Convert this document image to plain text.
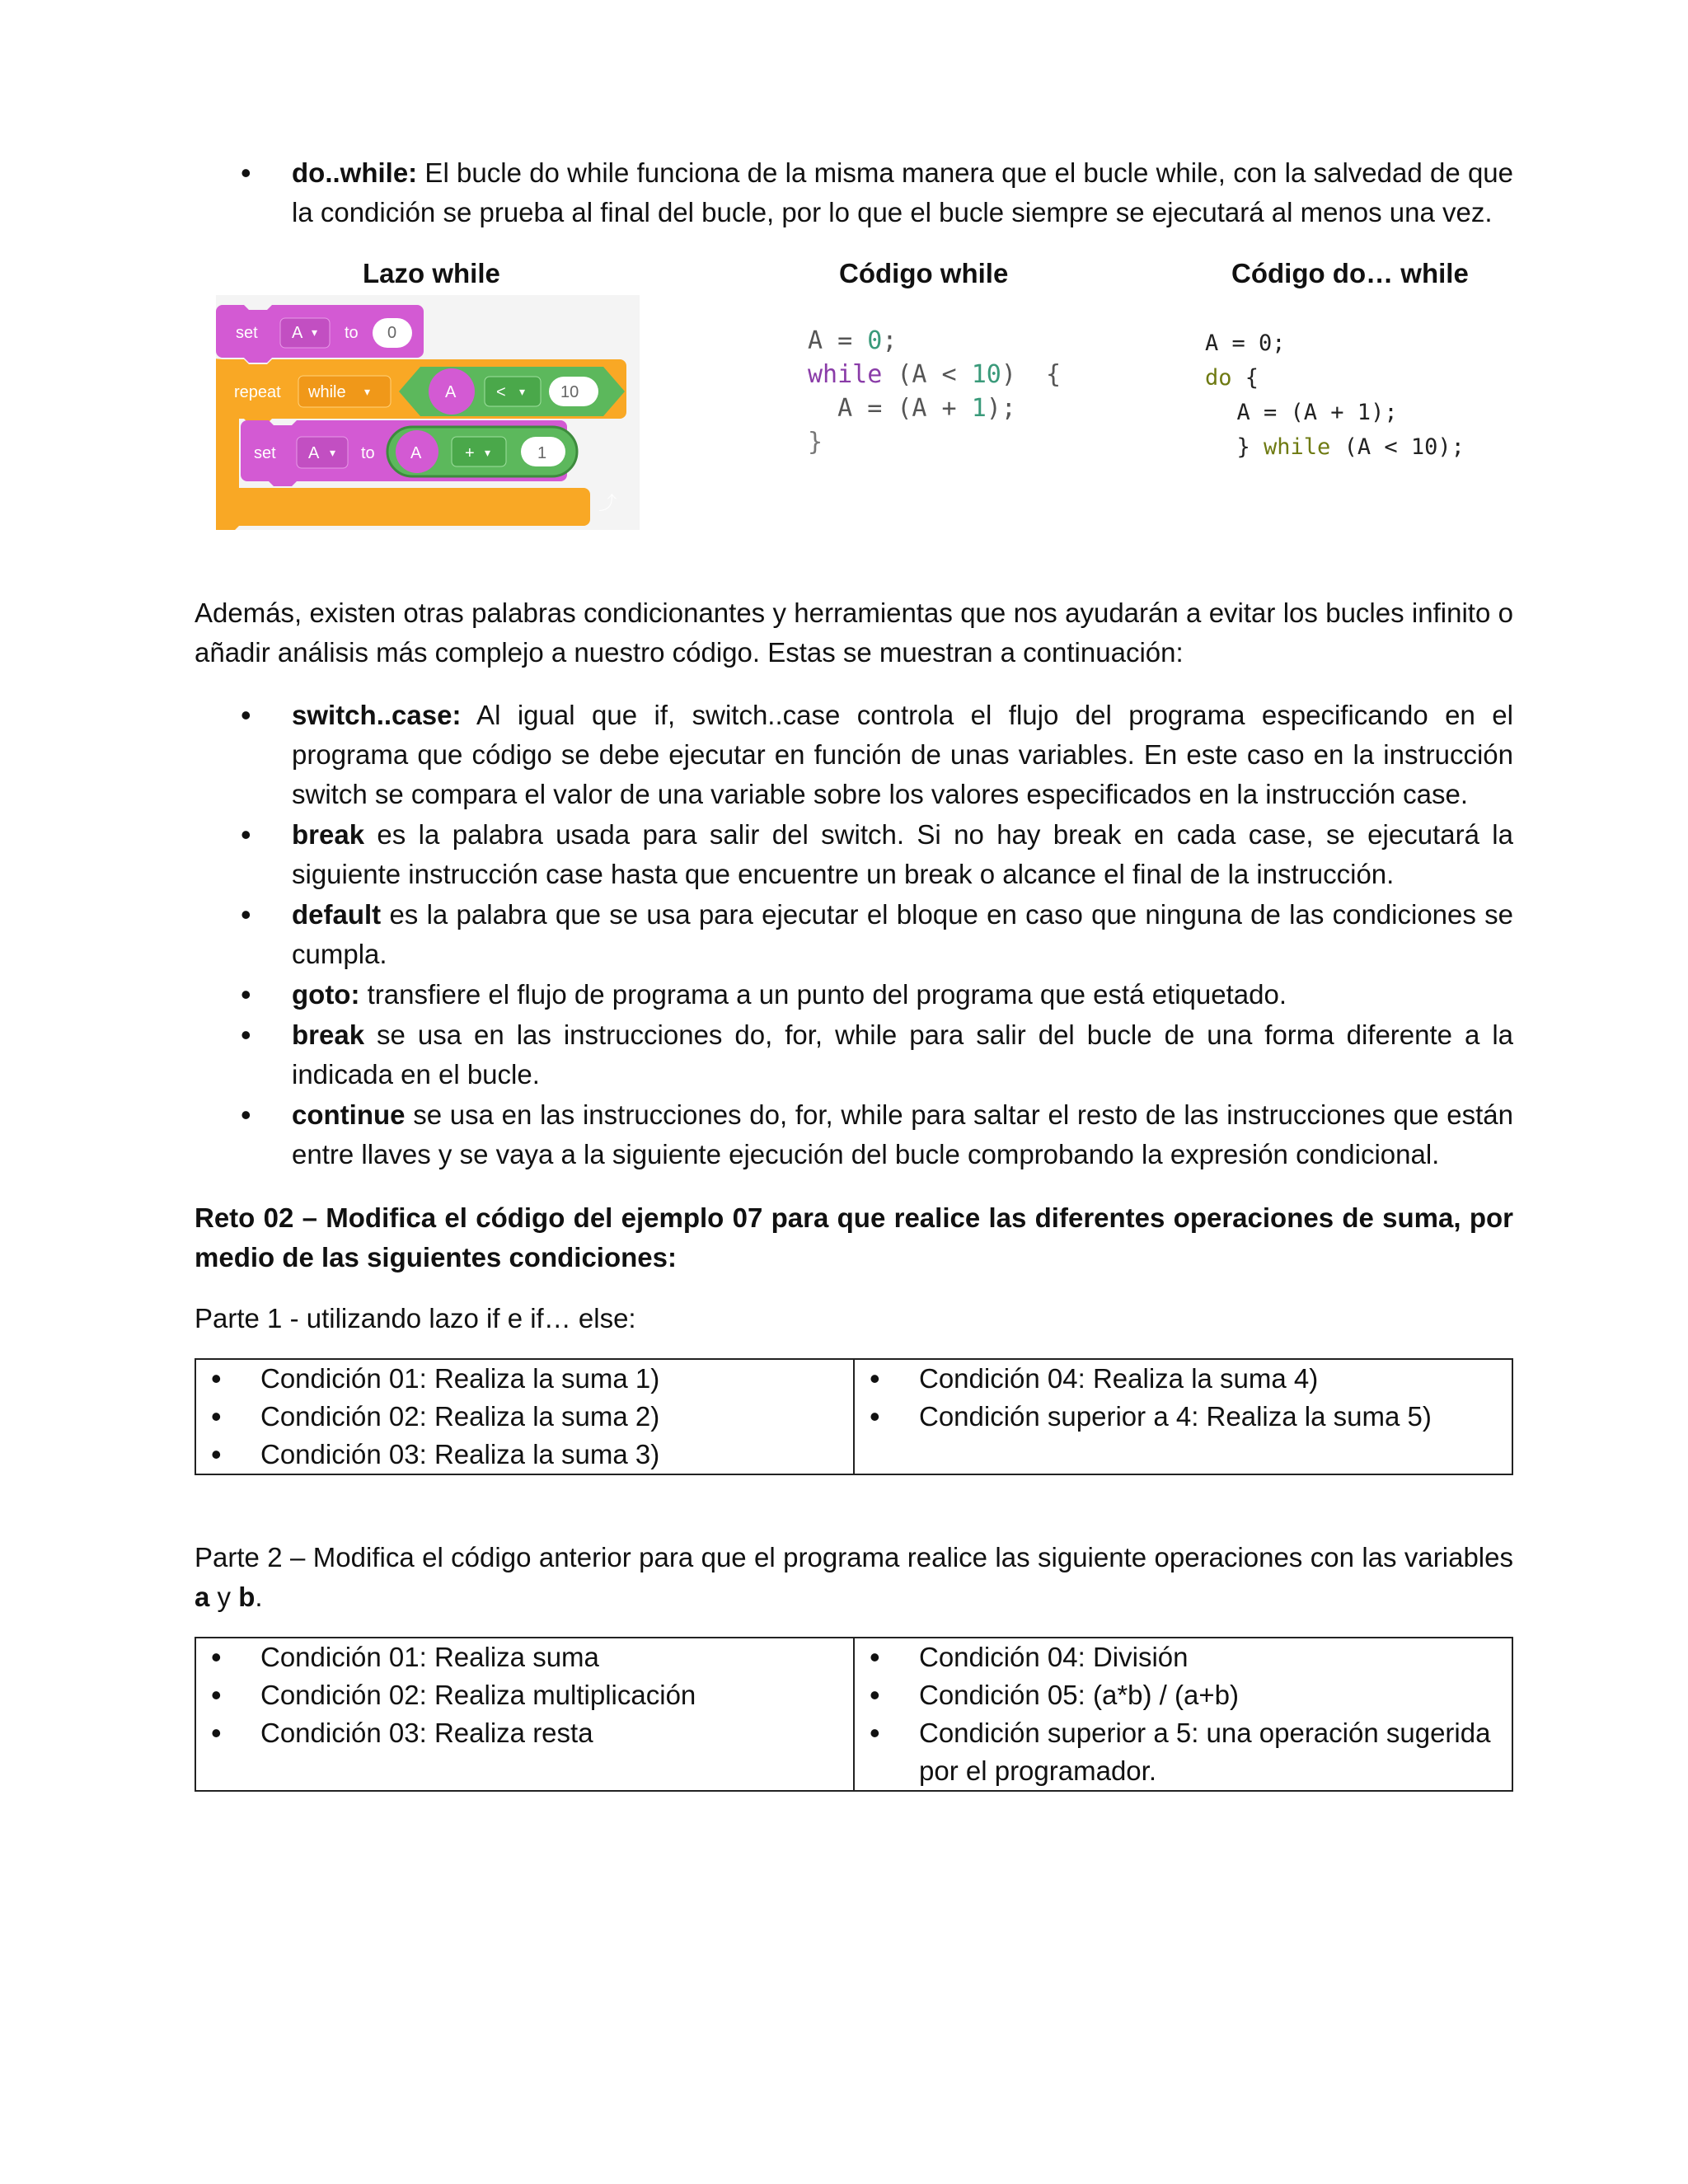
• do..while: El bucle do while funciona de la misma manera que el bucle while, con la salvedad de que la condición se prueba al final del bucle, por lo que el bucle siempre se ejecutará al menos una vez.
Lazo while	Código while	Código do… while
set A ▾ to 0
repeat while ▾	A < ▾ 10
⤴
set A ▾ to A	+ ▾	1

A = 0;
while (A < 10)  {
A = (A + 1);
}

A = 0;
do {
A = (A + 1);
} while (A < 10);

Además, existen otras palabras condicionantes y herramientas que nos ayudarán a evitar los bucles infinito o añadir análisis más complejo a nuestro código. Estas se muestran a continuación:
• switch..case: Al igual que if, switch..case controla el flujo del programa especificando en el programa que código se debe ejecutar en función de unas variables. En este caso en la instrucción switch se compara el valor de una variable sobre los valores especificados en la instrucción case.
• break es la palabra usada para salir del switch. Si no hay break en cada case, se ejecutará la siguiente instrucción case hasta que encuentre un break o alcance el final de la instrucción.
• default es la palabra que se usa para ejecutar el bloque en caso que ninguna de las condiciones se cumpla.
• goto: transfiere el flujo de programa a un punto del programa que está etiquetado.
• break se usa en las instrucciones do, for, while para salir del bucle de una forma diferente a la indicada en el bucle.
• continue se usa en las instrucciones do, for, while para saltar el resto de las instrucciones que están entre llaves y se vaya a la siguiente ejecución del bucle comprobando la expresión condicional.
Reto 02 – Modifica el código del ejemplo 07 para que realice las diferentes operaciones de suma, por medio de las siguientes condiciones:
Parte 1 - utilizando lazo if e if… else:
• Condición 01: Realiza la suma 1)
• Condición 02: Realiza la suma 2)
• Condición 03: Realiza la suma 3)

• Condición 04: Realiza la suma 4)
• Condición superior a 4: Realiza la suma 5)
Parte 2 – Modifica el código anterior para que el programa realice las siguiente operaciones con las variables a y b.
• Condición 01: Realiza suma
• Condición 02: Realiza multiplicación
• Condición 03: Realiza resta

• Condición 04: División
• Condición 05: (a*b) / (a+b)
• Condición superior a 5: una operación sugerida por el programador.
